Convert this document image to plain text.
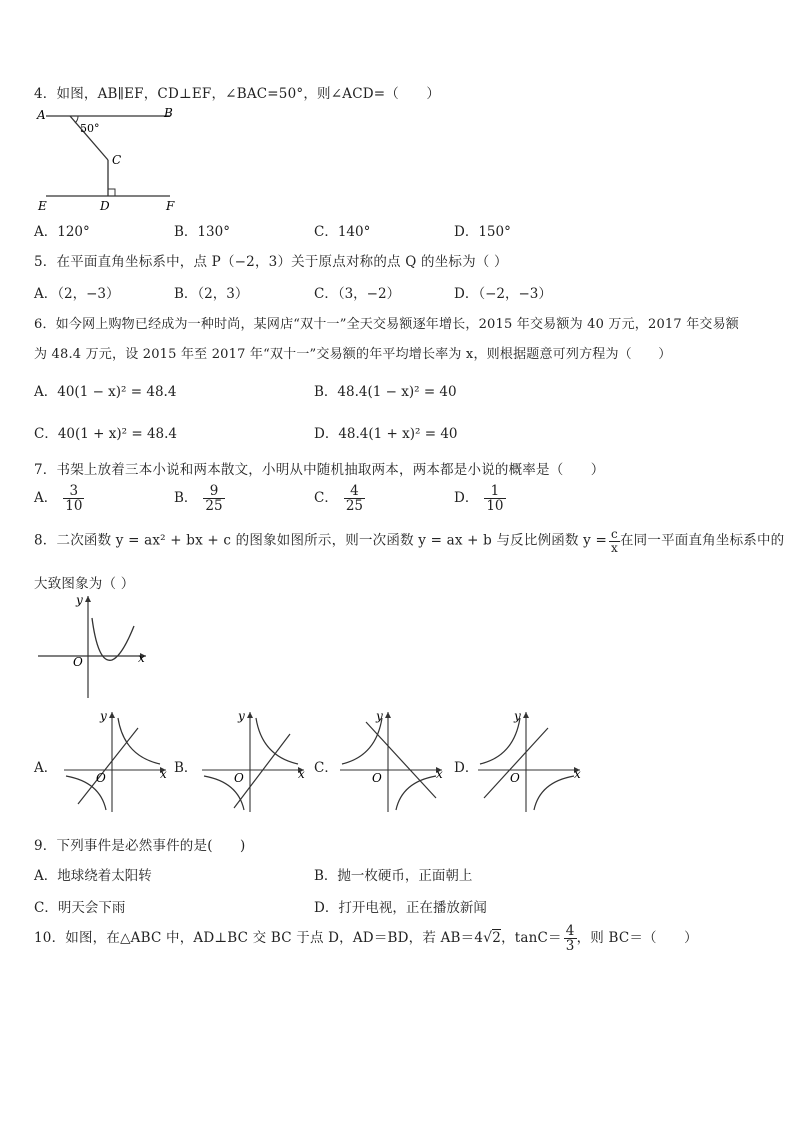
4．如图，AB∥EF，CD⊥EF，∠BAC=50°，则∠ACD=（　　）
A	B
C
D
E	F
50°
A．120°	B．130°	C．140°	D．150°
5．在平面直角坐标系中，点 P（−2，3）关于原点对称的点 Q 的坐标为（ ）
A．（2，−3）	B．（2，3）	C．（3，−2）	D．（−2，−3）
6．如今网上购物已经成为一种时尚，某网店“双十一”全天交易额逐年增长，2015 年交易额为 40 万元，2017 年交易额
为 48.4 万元，设 2015 年至 2017 年“双十一”交易额的年平均增长率为 x，则根据题意可列方程为（　　）
A．40(1 − x)² = 48.4	B．48.4(1 − x)² = 40
C．40(1 + x)² = 48.4	D．48.4(1 + x)² = 40
7．书架上放着三本小说和两本散文，小明从中随机抽取两本，两本都是小说的概率是（　　）
A． $\frac{3}{10}$	B． $\frac{9}{25}$	C． $\frac{4}{25}$	D． $\frac{1}{10}$
8．二次函数 y = ax² + bx + c 的图象如图所示，则一次函数 y = ax + b 与反比例函数 $y = \frac{c}{x}$ 在同一平面直角坐标系中的
大致图象为（ ）
x
y
O
A．	B．	C．	D．
x
y
O	x
y
O	x
y
O	x
y
O
9．下列事件是必然事件的是(　　)
A．地球绕着太阳转	B．抛一枚硬币，正面朝上
C．明天会下雨	D．打开电视，正在播放新闻
10．如图，在△ABC 中，AD⊥BC 交 BC 于点 D，AD＝BD，若 AB＝4√2，$\tan C= \frac{4}{3}$ ，则 BC＝（　　）
